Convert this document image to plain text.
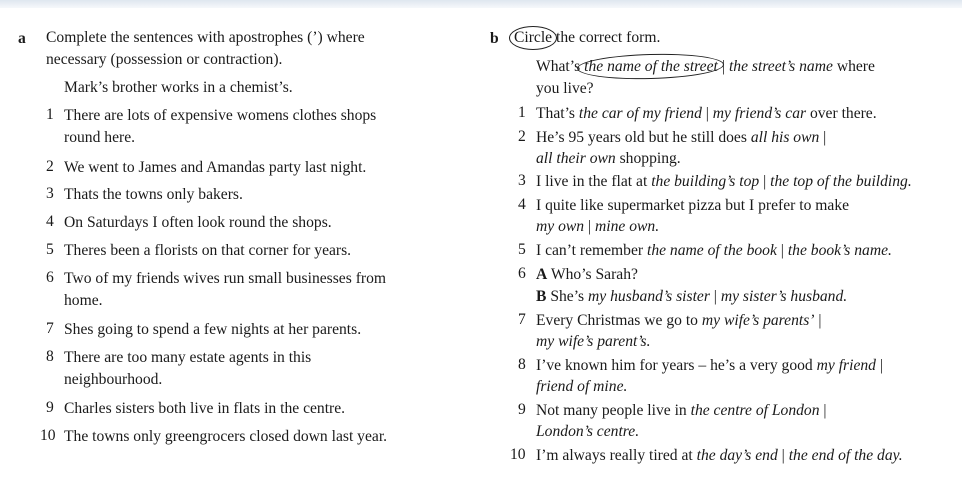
a Complete the sentences with apostrophes (’) where
necessary (possession or contraction).
Mark’s brother works in a chemist’s.
1 There are lots of expensive womens clothes shops
round here.
2 We went to James and Amandas party last night.
3 Thats the towns only bakers.
4 On Saturdays I often look round the shops.
5 Theres been a florists on that corner for years.
6 Two of my friends wives run small businesses from
home.
7 Shes going to spend a few nights at her parents.
8 There are too many estate agents in this
neighbourhood.
9 Charles sisters both live in flats in the centre.
10 The towns only greengrocers closed down last year.
b Circle the correct form.
What’s the name of the street | the street’s name where
you live?
1 That’s the car of my friend | my friend’s car over there.
2 He’s 95 years old but he still does all his own |
all their own shopping.
3 I live in the flat at the building’s top | the top of the building.
4 I quite like supermarket pizza but I prefer to make
my own | mine own.
5 I can’t remember the name of the book | the book’s name.
6 A Who’s Sarah?
B She’s my husband’s sister | my sister’s husband.
7 Every Christmas we go to my wife’s parents’ |
my wife’s parent’s.
8 I’ve known him for years – he’s a very good my friend |
friend of mine.
9 Not many people live in the centre of London |
London’s centre.
10 I’m always really tired at the day’s end | the end of the day.
